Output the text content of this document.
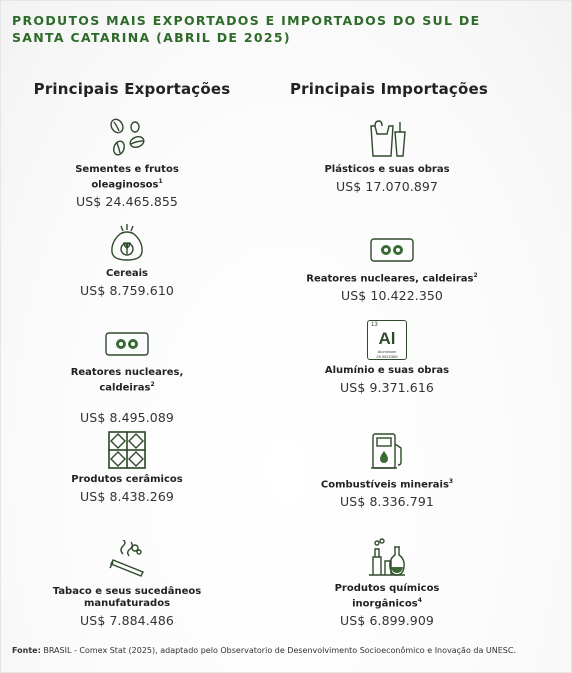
PRODUTOS MAIS EXPORTADOS E IMPORTADOS DO SUL DE SANTA CATARINA (ABRIL DE 2025)
Principais Exportações	Principais Importações
Sementes e frutos oleaginosos$^1$
US$ 24.465.855
Cereais
US$ 8.759.610
Reatores nucleares, caldeiras$^2$
US$ 8.495.089
Produtos cerâmicos
US$ 8.438.269
Tabaco e seus sucedâneos manufaturados
US$ 7.884.486
Plásticos e suas obras
US$ 17.070.897
Reatores nucleares, caldeiras$^2$
US$ 10.422.350
13
Al
Aluminium
26.9815385
Alumínio e suas obras
US$ 9.371.616
Combustíveis minerais$^3$
US$ 8.336.791
Produtos químicos inorgânicos$^4$
US$ 6.899.909
Fonte: BRASIL - Comex Stat (2025), adaptado pelo Observatorio de Desenvolvimento Socioeconômico e Inovação da UNESC.
